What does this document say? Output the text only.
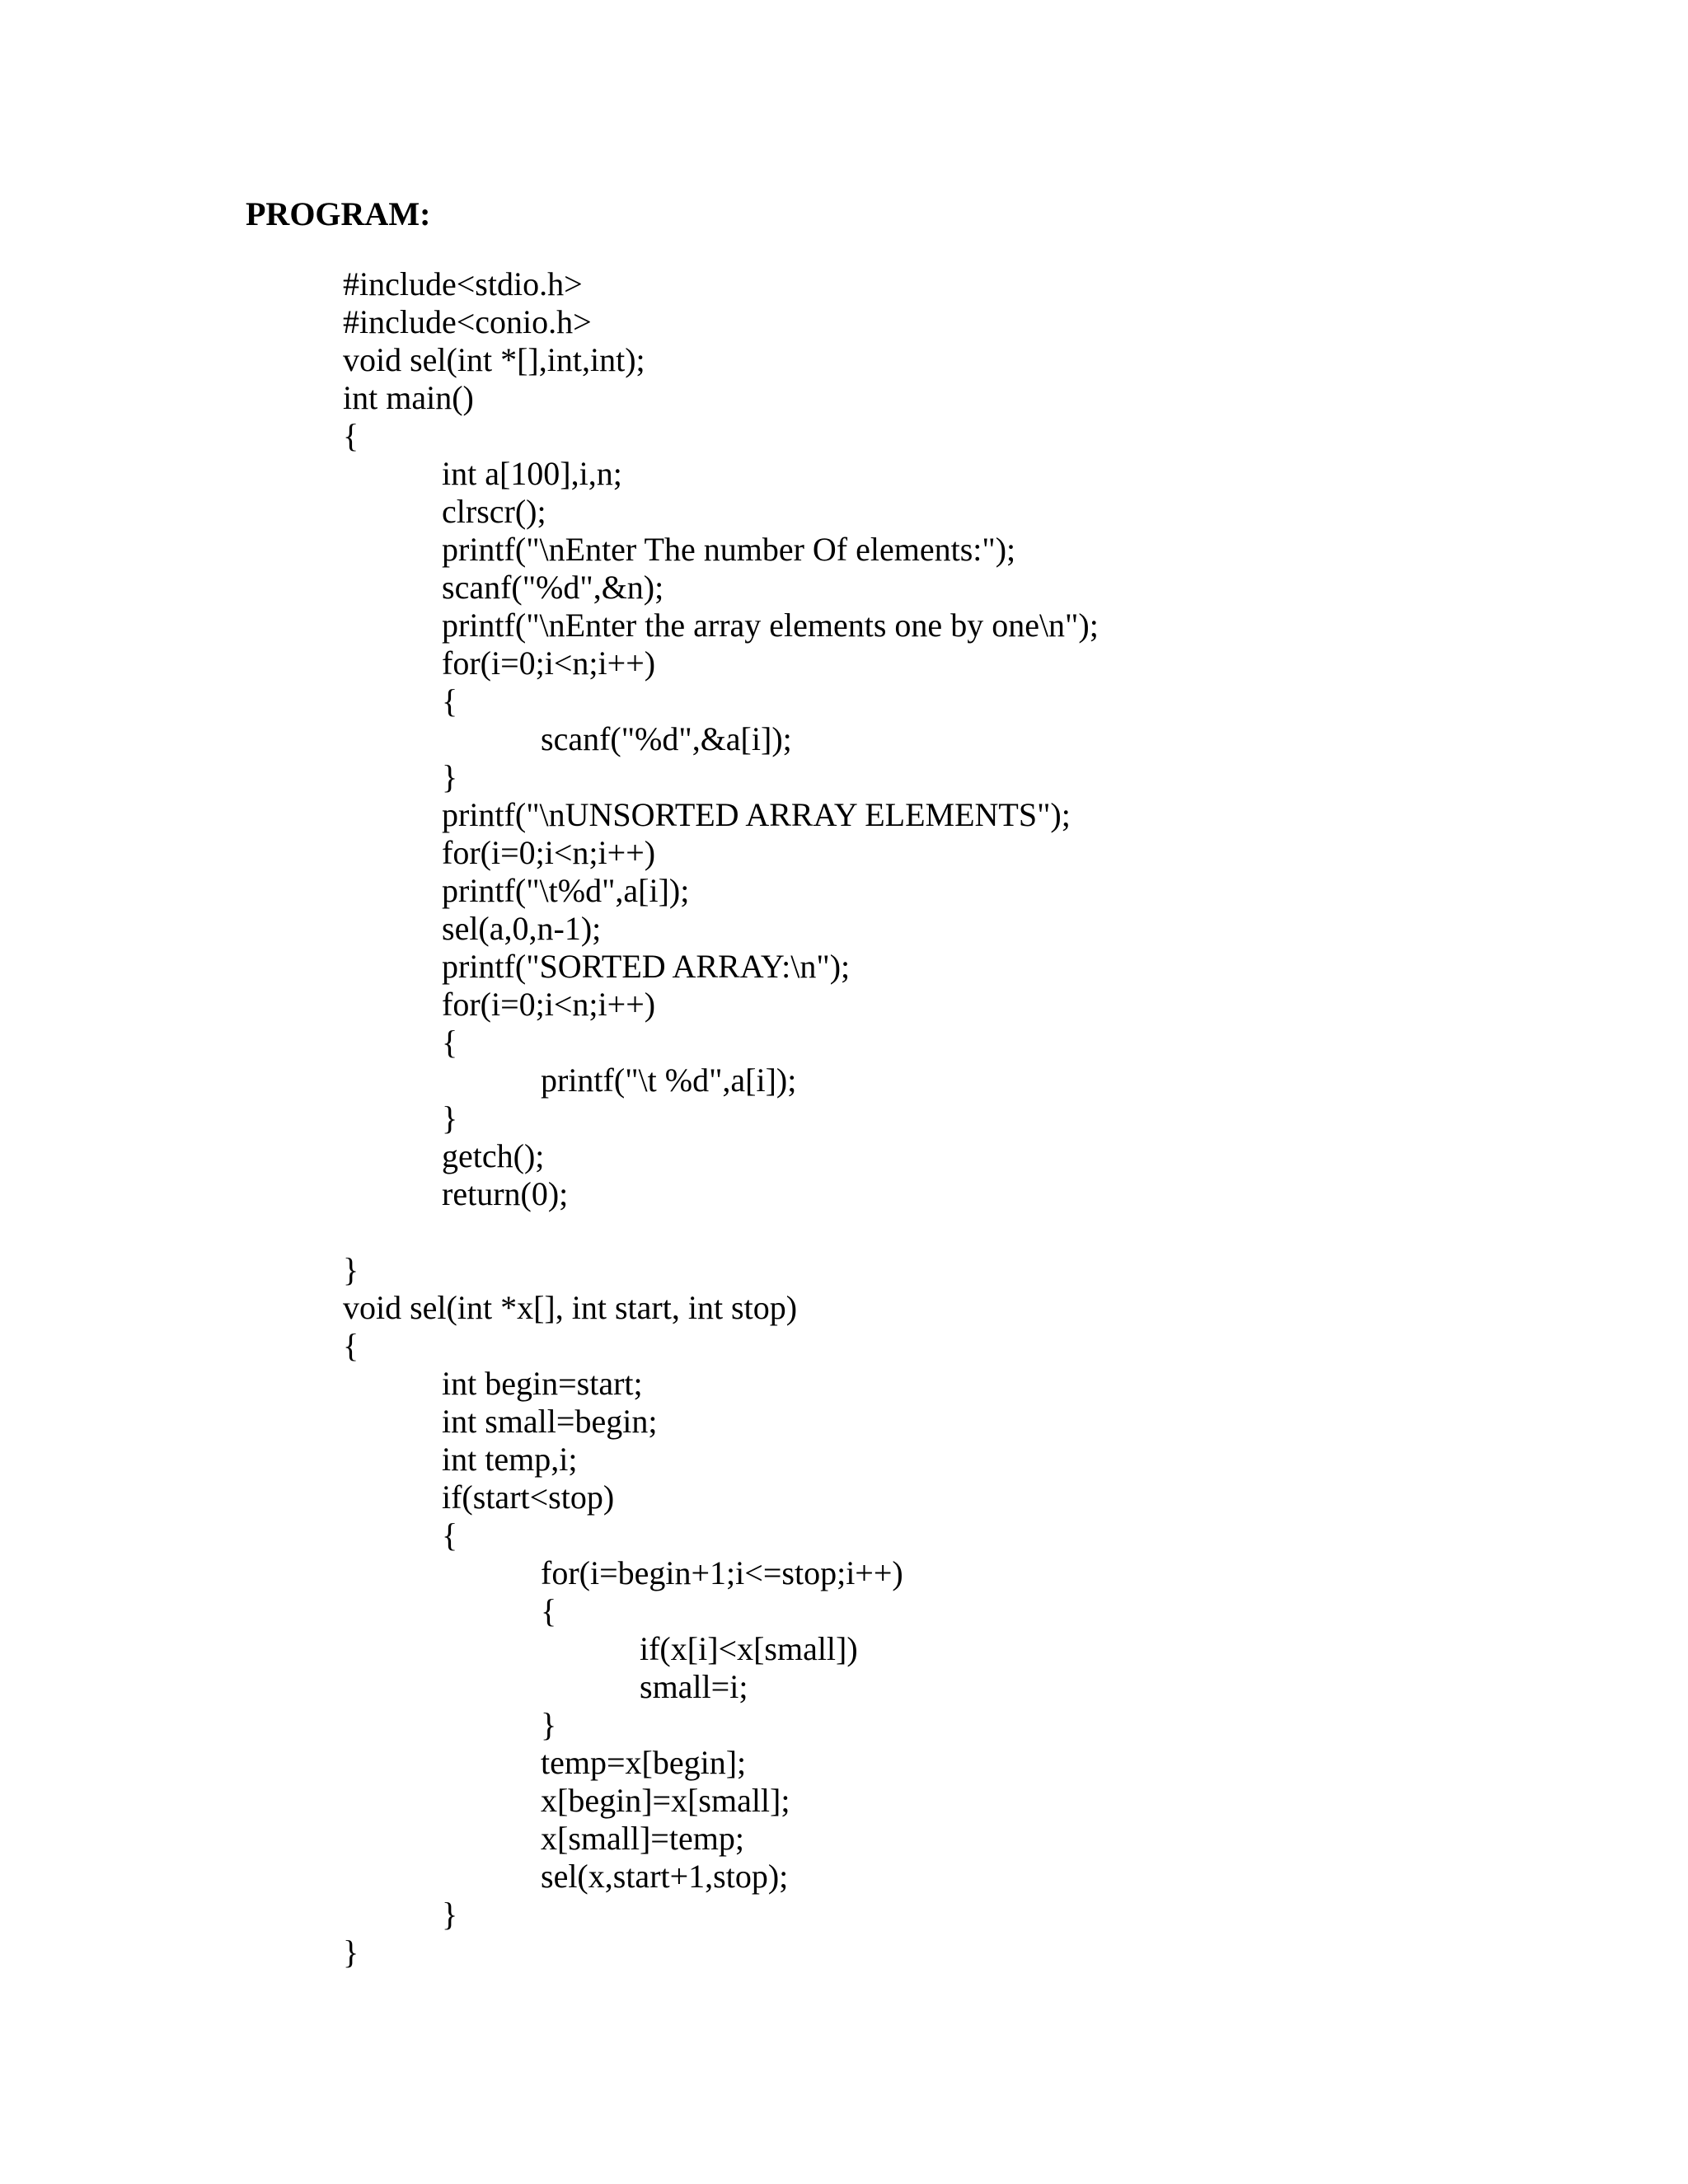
PROGRAM:
#include<stdio.h>
#include<conio.h>
void sel(int *[],int,int);
int main()
{
int a[100],i,n;
clrscr();
printf("\nEnter The number Of elements:");
scanf("%d",&n);
printf("\nEnter the array elements one by one\n");
for(i=0;i<n;i++)
{
scanf("%d",&a[i]);
}
printf("\nUNSORTED ARRAY ELEMENTS");
for(i=0;i<n;i++)
printf("\t%d",a[i]);
sel(a,0,n-1);
printf("SORTED ARRAY:\n");
for(i=0;i<n;i++)
{
printf("\t %d",a[i]);
}
getch();
return(0);
}
void sel(int *x[], int start, int stop)
{
int begin=start;
int small=begin;
int temp,i;
if(start<stop)
{
for(i=begin+1;i<=stop;i++)
{
if(x[i]<x[small])
small=i;
}
temp=x[begin];
x[begin]=x[small];
x[small]=temp;
sel(x,start+1,stop);
}
}
